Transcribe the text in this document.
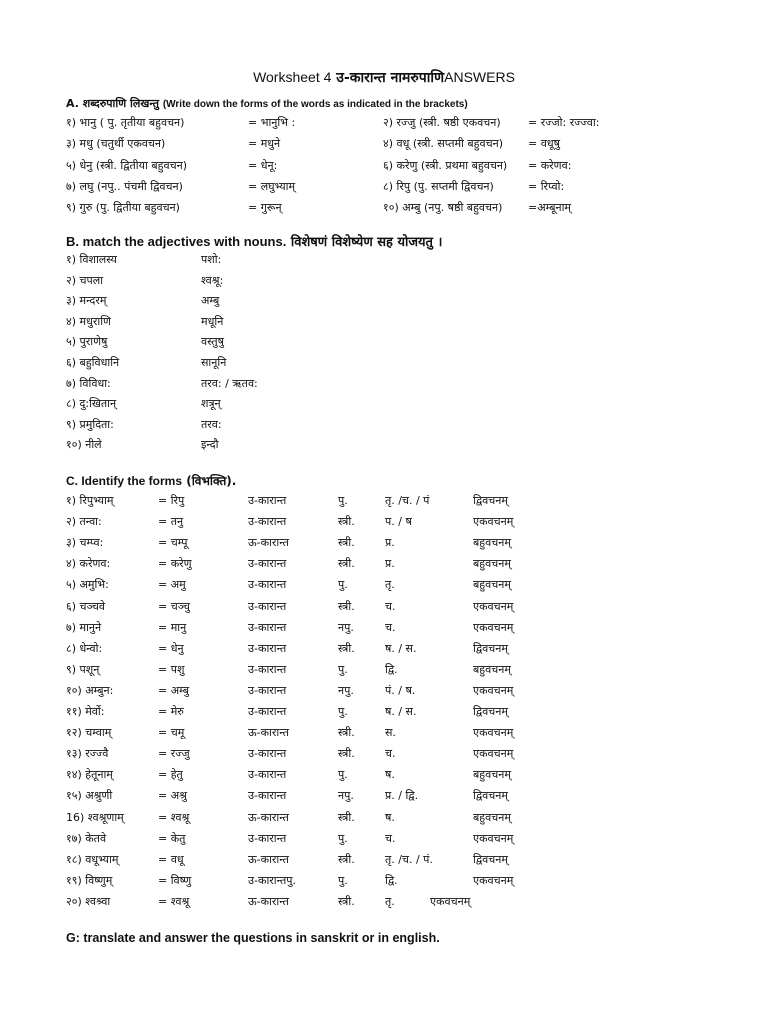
Worksheet 4 उ-कारान्त नामरुपाणिANSWERS
A. शब्दरुपाणि लिखन्तु (Write down the forms of the words as indicated in the brackets)
१) भानु ( पु. तृतीया बहुवचन)	= भानुभि :	२) रज्जु (स्त्री. षष्ठी एकवचन) = रज्जो: रज्ज्वा:
३) मधु (चतुर्थी एकवचन)	= मधुने	४) वधू (स्त्री. सप्तमी बहुवचन) = वधूषु
५) धेनु (स्त्री. द्वितीया बहुवचन)	= धेनू:	६) करेणु (स्त्री. प्रथमा बहुवचन) = करेणव:
७) लघु (नपु.. पंचमी द्विवचन)	= लघुभ्याम्	८) रिपु (पु. सप्तमी द्विवचन)	= रिप्वो:
९) गुरु (पु. द्वितीया बहुवचन)	= गुरून्	१०) अम्बु (नपु. षष्ठी बहुवचन) =अम्बूनाम्
B. match the adjectives with nouns. विशेषणं विशेष्येण सह योजयतु ।
१) विशालस्य	पशो:
२) चपला	श्वश्रू:
३) मन्दरम्	अम्बु
४) मधुराणि	मधूनि
५) पुराणेषु	वस्तुषु
६) बहुविधानि	सानूनि
७) विविधा:	तरव: / ऋतव:
८) दु:खितान्	शत्रून्
९) प्रमुदिता:	तरव:
१०) नीले	इन्दौ
C. Identify the forms (विभक्ति).
१) रिपुभ्याम्	= रिपु	उ-कारान्त	पु.	तृ. /च. / पं	द्विवचनम्
२) तन्वा:	= तनु	उ-कारान्त	स्त्री.	प. / ष	एकवचनम्
३) चम्प्व:	= चम्पू	ऊ-कारान्त	स्त्री.	प्र.	बहुवचनम्
४) करेणव:	= करेणु	उ-कारान्त	स्त्री.	प्र.	बहुवचनम्
५) अमुभि:	= अमु	उ-कारान्त	पु.	तृ.	बहुवचनम्
६) चञ्चवे	= चञ्चु	उ-कारान्त	स्त्री.	च.	एकवचनम्
७) मानुने	= मानु	उ-कारान्त	नपु.	च.	एकवचनम्
८) धेन्वो:	= धेनु	उ-कारान्त	स्त्री.	ष. / स.	द्विवचनम्
९) पशून्	= पशु	उ-कारान्त	पु.	द्वि.	बहुवचनम्
१०) अम्बुन:	= अम्बु	उ-कारान्त	नपु.	पं. / ष.	एकवचनम्
११) मेर्वो:	= मेरु	उ-कारान्त	पु.	ष. / स.	द्विवचनम्
१२) चम्वाम्	= चमू	ऊ-कारान्त	स्त्री.	स.	एकवचनम्
१३) रज्ज्वै	= रज्जु	उ-कारान्त	स्त्री.	च.	एकवचनम्
१४) हेतूनाम्	= हेतु	उ-कारान्त	पु.	ष.	बहुवचनम्
१५) अश्रुणी	= अश्रु	उ-कारान्त	नपु.	प्र. / द्वि.	द्विवचनम्
16) श्वश्रूणाम्	= श्वश्रू	ऊ-कारान्त	स्त्री.	ष.	बहुवचनम्
१७) केतवे	= केतु	उ-कारान्त	पु.	च.	एकवचनम्
१८) वधूभ्याम्	= वधू	ऊ-कारान्त	स्त्री.	तृ. /च. / पं.	द्विवचनम्
१९) विष्णुम्	= विष्णु	उ-कारान्तपु.	पु.	द्वि.	एकवचनम्
२०) श्वश्र्वा	= श्वश्रू	ऊ-कारान्त	स्त्री.	तृ.	एकवचनम्
G: translate and answer the questions in sanskrit or in english.
